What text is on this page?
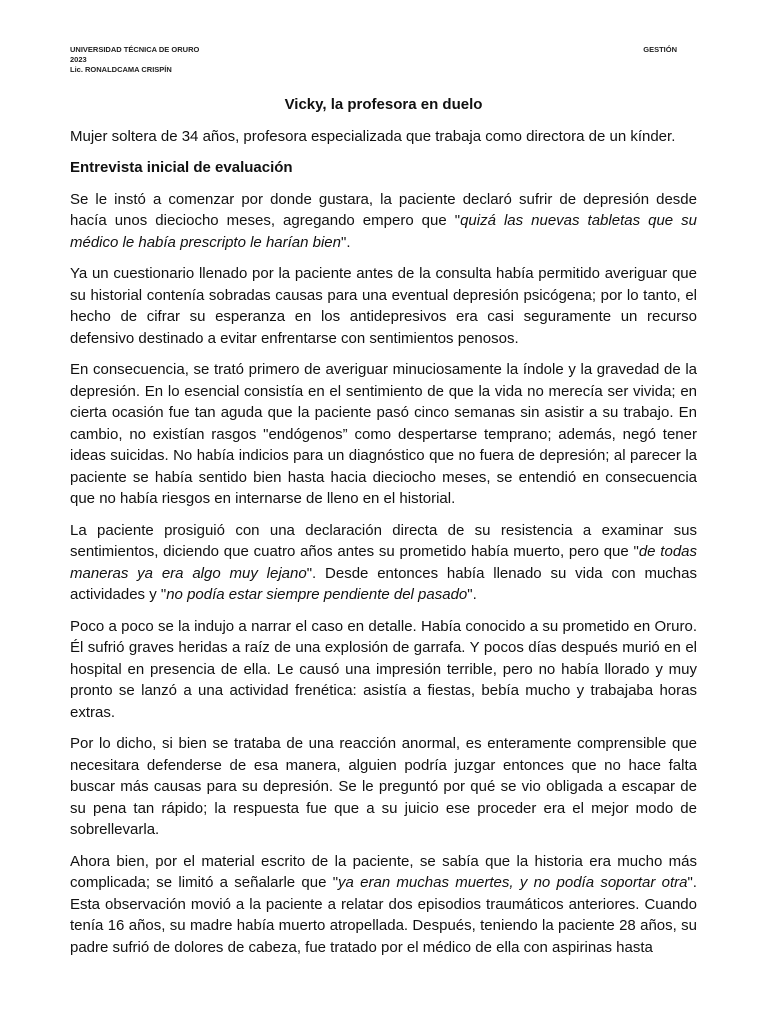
UNIVERSIDAD TÉCNICA DE ORURO
2023
Lic. RONALDCAMA CRISPÍN
GESTIÓN
Vicky, la profesora en duelo

Mujer soltera de 34 años, profesora especializada que trabaja como directora de un kínder.

Entrevista inicial de evaluación

Se le instó a comenzar por donde gustara, la paciente declaró sufrir de depresión desde hacía unos dieciocho meses, agregando empero que "quizá las nuevas tabletas que su médico le había prescripto le harían bien".

Ya un cuestionario llenado por la paciente antes de la consulta había permitido averiguar que su historial contenía sobradas causas para una eventual depresión psicógena; por lo tanto, el hecho de cifrar su esperanza en los antidepresivos era casi seguramente un recurso defensivo destinado a evitar enfrentarse con sentimientos penosos.

En consecuencia, se trató primero de averiguar minuciosamente la índole y la gravedad de la depresión. En lo esencial consistía en el sentimiento de que la vida no merecía ser vivida; en cierta ocasión fue tan aguda que la paciente pasó cinco semanas sin asistir a su trabajo. En cambio, no existían rasgos "endógenos” como despertarse temprano; además, negó tener ideas suicidas. No había indicios para un diagnóstico que no fuera de depresión; al parecer la paciente se había sentido bien hasta hacia dieciocho meses, se entendió en consecuencia que no había riesgos en internarse de lleno en el historial.

La paciente prosiguió con una declaración directa de su resistencia a examinar sus sentimientos, diciendo que cuatro años antes su prometido había muerto, pero que "de todas maneras ya era algo muy lejano". Desde entonces había llenado su vida con muchas actividades y "no podía estar siempre pendiente del pasado".

Poco a poco se la indujo a narrar el caso en detalle. Había conocido a su prometido en Oruro. Él sufrió graves heridas a raíz de una explosión de garrafa. Y pocos días después murió en el hospital en presencia de ella. Le causó una impresión terrible, pero no había llorado y muy pronto se lanzó a una actividad frenética: asistía a fiestas, bebía mucho y trabajaba horas extras.

Por lo dicho, si bien se trataba de una reacción anormal, es enteramente comprensible que necesitara defenderse de esa manera, alguien podría juzgar entonces que no hace falta buscar más causas para su depresión. Se le preguntó por qué se vio obligada a escapar de su pena tan rápido; la respuesta fue que a su juicio ese proceder era el mejor modo de sobrellevarla.

Ahora bien, por el material escrito de la paciente, se sabía que la historia era mucho más complicada; se limitó a señalarle que "ya eran muchas muertes, y no podía soportar otra". Esta observación movió a la paciente a relatar dos episodios traumáticos anteriores. Cuando tenía 16 años, su madre había muerto atropellada. Después, teniendo la paciente 28 años, su padre sufrió de dolores de cabeza, fue tratado por el médico de ella con aspirinas hasta
